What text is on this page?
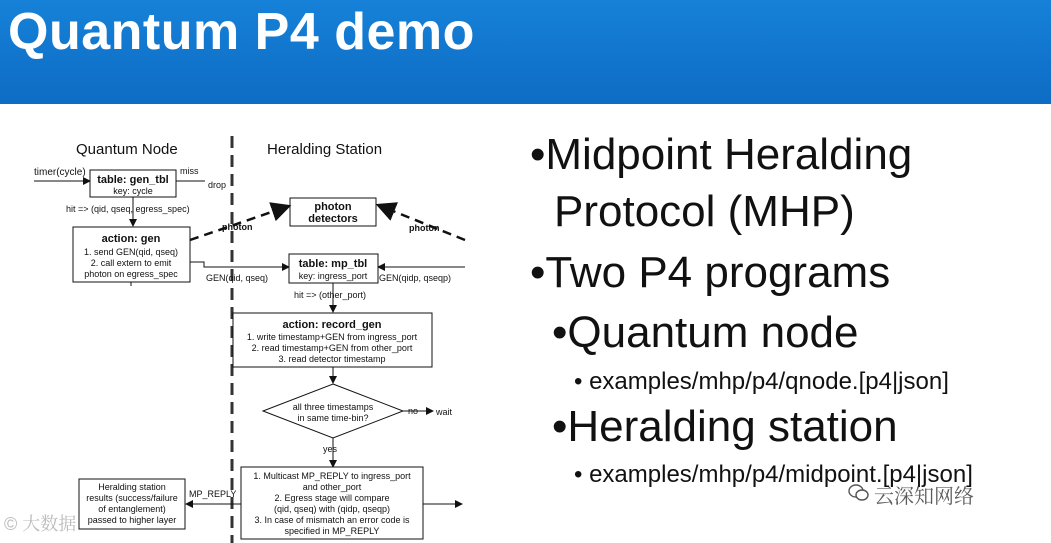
Quantum P4 demo
Quantum Node	Heralding Station
timer(cycle)
table: gen_tbl
key: cycle
miss
drop
hit => (qid, qseq, egress_spec)
action: gen
1. send GEN(qid, qseq)
2. call extern to emit
photon on egress_spec
photon
detectors
photon	photon
GEN(qid, qseq)	GEN(qidp, qseqp)
table: mp_tbl
key: ingress_port
hit => (other_port)
action: record_gen
1. write timestamp+GEN from ingress_port
2. read timestamp+GEN from other_port
3. read detector timestamp
all three timestamps
in same time-bin?
no wait
yes
1. Multicast MP_REPLY to ingress_port
and other_port
2. Egress stage will compare
(qid, qseq) with (qidp, qseqp)
3. In case of mismatch an error code is
specified in MP_REPLY
MP_REPLY
Heralding station
results (success/failure
of entanglement)
passed to higher layer
•Midpoint Heralding
Protocol (MHP)
•Two P4 programs
•Quantum node
• examples/mhp/p4/qnode.[p4|json]
•Heralding station
• examples/mhp/p4/midpoint.[p4|json]
云深知网络
© 大数据
